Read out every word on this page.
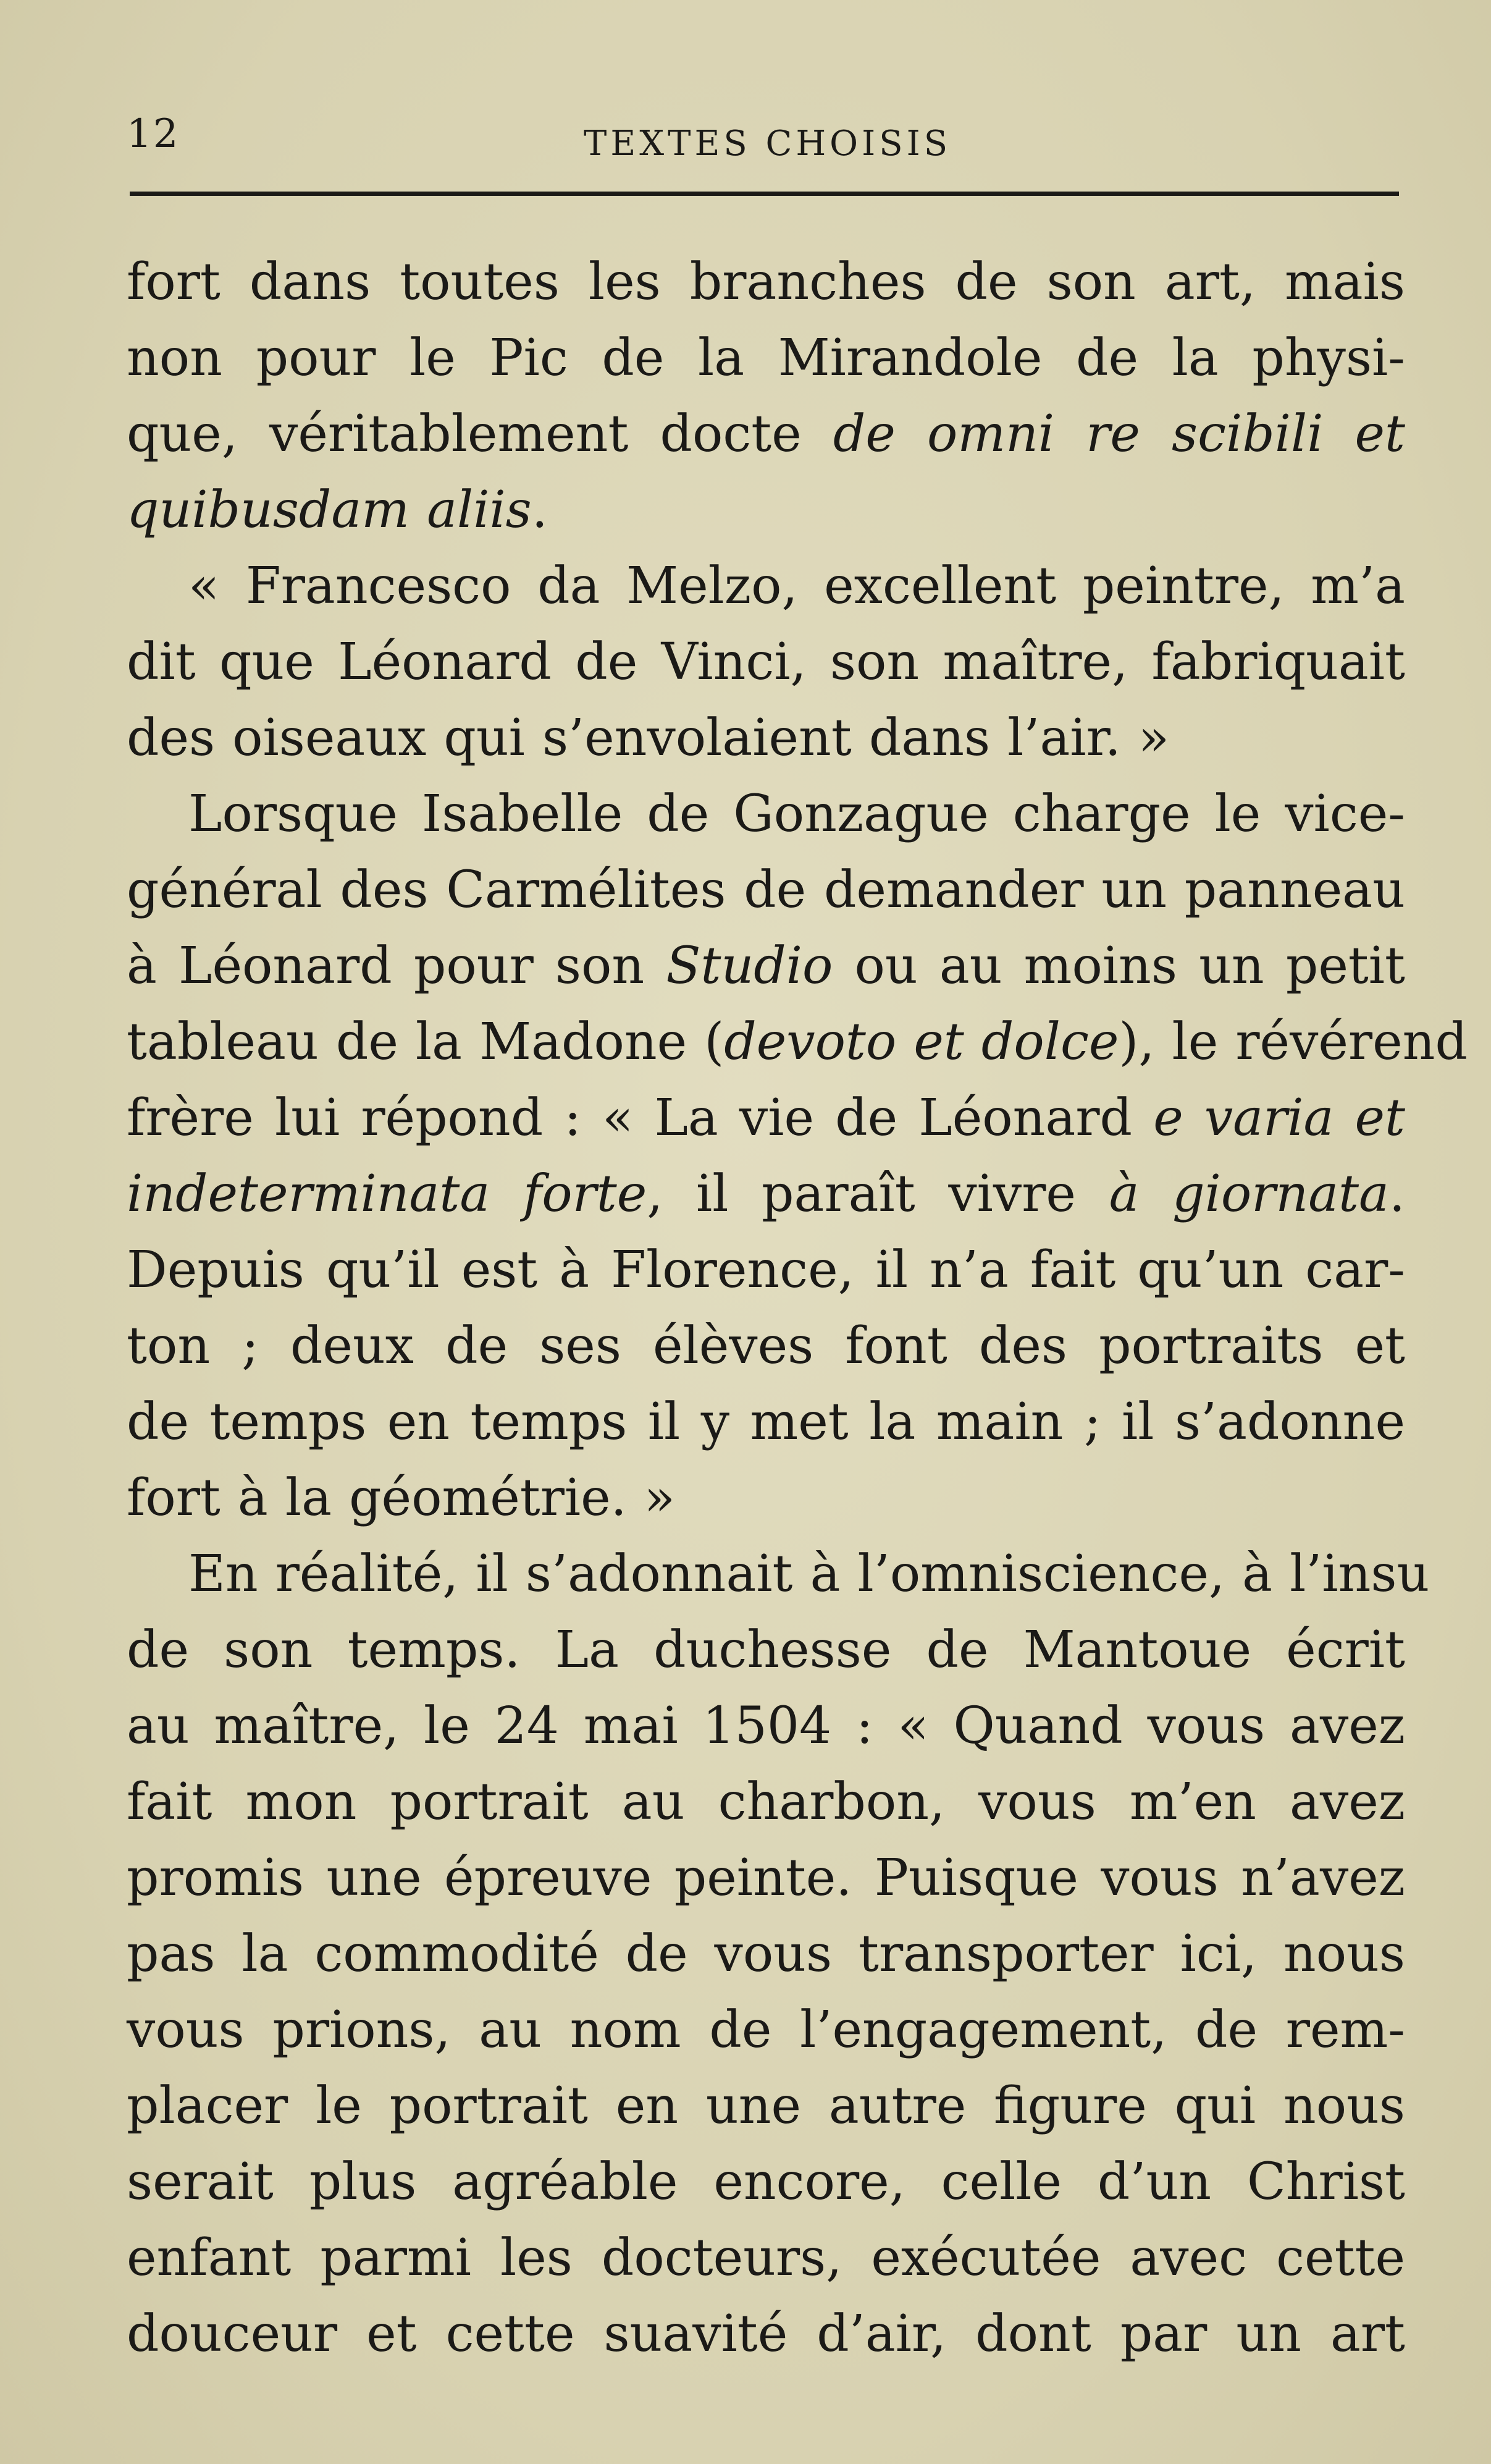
12	TEXTES CHOISIS
fort dans toutes les branches de son art, mais
non pour le Pic de la Mirandole de la physi-
que, véritablement docte de omni re scibili et
quibusdam aliis.
« Francesco da Melzo, excellent peintre, m’a
dit que Léonard de Vinci, son maître, fabriquait
des oiseaux qui s’envolaient dans l’air. »
Lorsque Isabelle de Gonzague charge le vice-
général des Carmélites de demander un panneau
à Léonard pour son Studio ou au moins un petit
tableau de la Madone (devoto et dolce), le révérend
frère lui répond : « La vie de Léonard e varia et
indeterminata forte, il paraît vivre à giornata.
Depuis qu’il est à Florence, il n’a fait qu’un car-
ton ; deux de ses élèves font des portraits et
de temps en temps il y met la main ; il s’adonne
fort à la géométrie. »
En réalité, il s’adonnait à l’omniscience, à l’insu
de son temps. La duchesse de Mantoue écrit
au maître, le 24 mai 1504 : « Quand vous avez
fait mon portrait au charbon, vous m’en avez
promis une épreuve peinte. Puisque vous n’avez
pas la commodité de vous transporter ici, nous
vous prions, au nom de l’engagement, de rem-
placer le portrait en une autre figure qui nous
serait plus agréable encore, celle d’un Christ
enfant parmi les docteurs, exécutée avec cette
douceur et cette suavité d’air, dont par un art
